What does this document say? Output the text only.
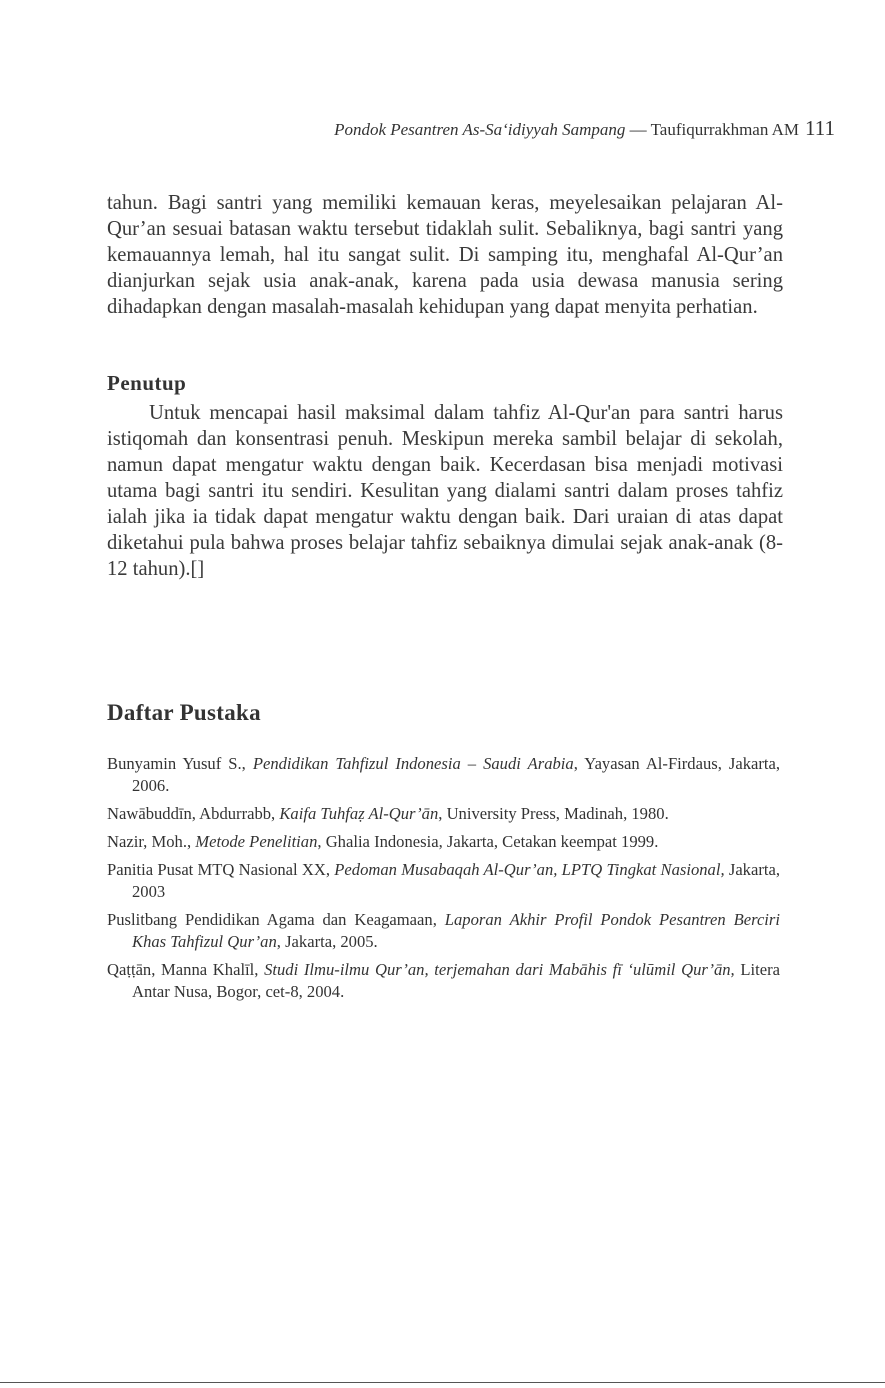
Pondok Pesantren As-Sa‘idiyyah Sampang — Taufiqurrakhman AM 111

tahun. Bagi santri yang memiliki kemauan keras, meyelesaikan pelajaran Al-Qur’an sesuai batasan waktu tersebut tidaklah sulit. Sebaliknya, bagi santri yang kemauannya lemah, hal itu sangat sulit. Di samping itu, menghafal Al-Qur’an dianjurkan sejak usia anak-anak, karena pada usia dewasa manusia sering dihadapkan dengan masalah-masalah kehidupan yang dapat menyita perhatian.

Penutup

Untuk mencapai hasil maksimal dalam tahfiz Al-Qur'an para santri harus istiqomah dan konsentrasi penuh. Meskipun mereka sambil belajar di sekolah, namun dapat mengatur waktu dengan baik. Kecerdasan bisa menjadi motivasi utama bagi santri itu sendiri. Kesulitan yang dialami santri dalam proses tahfiz ialah jika ia tidak dapat mengatur waktu dengan baik. Dari uraian di atas dapat diketahui pula bahwa proses belajar tahfiz sebaiknya dimulai sejak anak-anak (8-12 tahun).[]

Daftar Pustaka
Bunyamin Yusuf S., Pendidikan Tahfizul Indonesia – Saudi Arabia, Yayasan Al-Firdaus, Jakarta, 2006.
Nawābuddīn, Abdurrabb, Kaifa Tuhfaẓ Al-Qur’ān, University Press, Madinah, 1980.
Nazir, Moh., Metode Penelitian, Ghalia Indonesia, Jakarta, Cetakan keempat 1999.
Panitia Pusat MTQ Nasional XX, Pedoman Musabaqah Al-Qur’an, LPTQ Tingkat Nasional, Jakarta, 2003
Puslitbang Pendidikan Agama dan Keagamaan, Laporan Akhir Profil Pondok Pesantren Berciri Khas Tahfizul Qur’an, Jakarta, 2005.
Qaṭṭān, Manna Khalīl, Studi Ilmu-ilmu Qur’an, terjemahan dari Mabāhis fī ‘ulūmil Qur’ān, Litera Antar Nusa, Bogor, cet-8, 2004.
